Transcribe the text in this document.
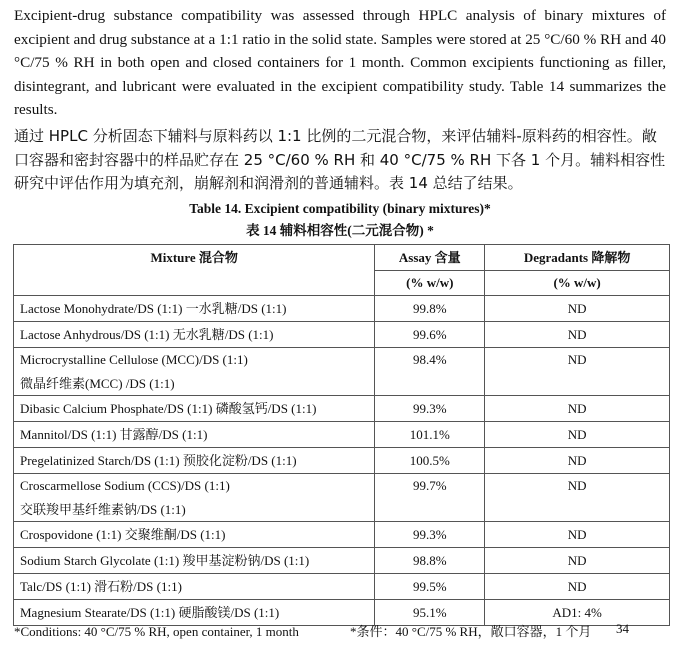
Excipient-drug substance compatibility was assessed through HPLC analysis of binary mixtures of excipient and drug substance at a 1:1 ratio in the solid state. Samples were stored at 25 °C/60 % RH and 40 °C/75 % RH in both open and closed containers for 1 month. Common excipients functioning as filler, disintegrant, and lubricant were evaluated in the excipient compatibility study. Table 14 summarizes the results.
通过 HPLC 分析固态下辅料与原料药以 1:1 比例的二元混合物，来评估辅料-原料药的相容性。敞口容器和密封容器中的样品贮存在 25 °C/60 % RH 和 40 °C/75 % RH 下各 1 个月。辅料相容性研究中评估作用为填充剂，崩解剂和润滑剂的普通辅料。表 14 总结了结果。
Table 14. Excipient compatibility (binary mixtures)*
表 14 辅料相容性(二元混合物) *
Mixture 混合物	Assay 含量	Degradants 降解物
	(% w/w)	(% w/w)
Lactose Monohydrate/DS (1:1) 一水乳糖/DS (1:1)	99.8%	ND
Lactose Anhydrous/DS (1:1) 无水乳糖/DS (1:1)	99.6%	ND

Microcrystalline Cellulose (MCC)/DS (1:1)
微晶纤维素(MCC) /DS (1:1)	98.4%	ND
Dibasic Calcium Phosphate/DS (1:1) 磷酸氢钙/DS (1:1)	99.3%	ND
Mannitol/DS (1:1) 甘露醇/DS (1:1)	101.1%	ND
Pregelatinized Starch/DS (1:1) 预胶化淀粉/DS (1:1)	100.5%	ND

Croscarmellose Sodium (CCS)/DS (1:1)
交联羧甲基纤维素钠/DS (1:1)	99.7%	ND
Crospovidone (1:1) 交聚维酮/DS (1:1)	99.3%	ND
Sodium Starch Glycolate (1:1) 羧甲基淀粉钠/DS (1:1)	98.8%	ND
Talc/DS (1:1) 滑石粉/DS (1:1)	99.5%	ND
Magnesium Stearate/DS (1:1) 硬脂酸镁/DS (1:1)	95.1%	AD1: 4%
*Conditions: 40 °C/75 % RH, open container, 1 month	*条件：40 °C/75 % RH，敞口容器，1 个月 34
